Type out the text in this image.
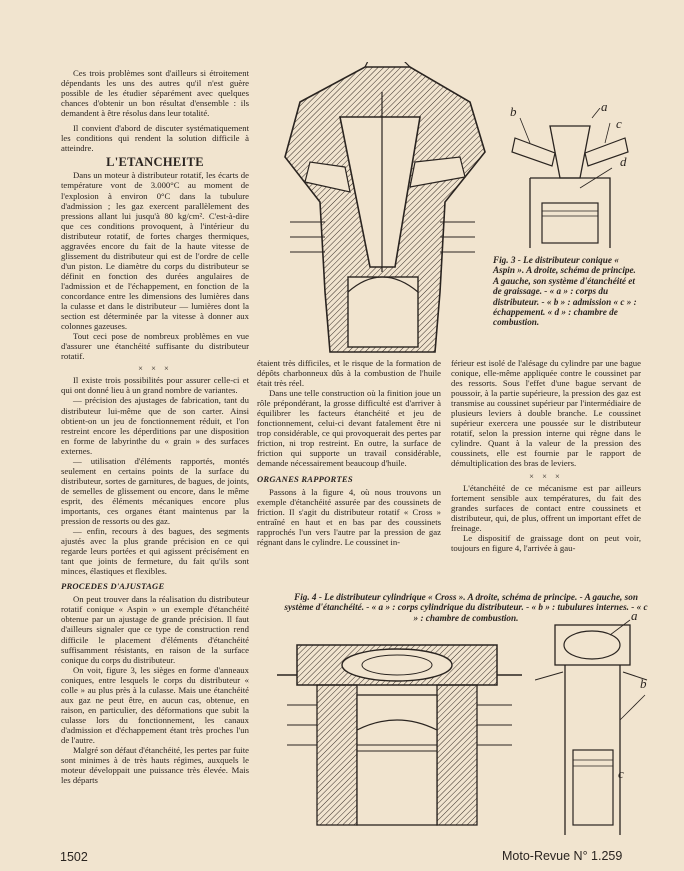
Ces trois problèmes sont d'ailleurs si étroitement dépendants les uns des autres qu'il n'est guère possible de les étudier séparément avec quelques chances d'obtenir un bon résultat d'ensemble : ils demandent à être résolus dans leur totalité.

Il convient d'abord de discuter systématiquement les conditions qui rendent la solution difficile à atteindre.

L'ETANCHEITE

Dans un moteur à distributeur rotatif, les écarts de température vont de 3.000°C au moment de l'explosion à environ 0°C dans la tubulure d'admission ; les gaz exercent parallèlement des pressions allant lui jusqu'à 80 kg/cm². C'est-à-dire que ces conditions provoquent, à l'intérieur du distributeur rotatif, de fortes charges thermiques, aggravées encore du fait de la haute vitesse de glissement du distributeur qui est de l'ordre de celle d'un piston. Le diamètre du corps du distributeur se définit en fonction des durées angulaires de l'admission et de l'échappement, en fonction de la concordance entre les dimensions des lumières dans la culasse et dans le distributeur — lumières dont la section est déterminée par la vitesse à donner aux colonnes gazeuses.

Tout ceci pose de nombreux problèmes en vue d'assurer une étanchéité suffisante du distributeur rotatif.

× × ×

Il existe trois possibilités pour assurer celle-ci et qui ont donné lieu à un grand nombre de variantes.

— précision des ajustages de fabrication, tant du distributeur lui-même que de son carter. Ainsi obtient-on un jeu de fonctionnement réduit, et l'on restreint encore les déperditions par une disposition en forme de labyrinthe du « grain » des surfaces externes.

— utilisation d'éléments rapportés, montés seulement en certains points de la surface du distributeur, sortes de garnitures, de bagues, de joints, de semelles de glissement ou encore, dans le même esprit, des éléments mécaniques encore plus importants, ces organes étant maintenus par la pression de ressorts ou des gaz.

— enfin, recours à des bagues, des segments ajustés avec la plus grande précision en ce qui regarde leurs portées et qui agissent précisément en tant que joints de fermeture, du fait qu'ils sont minces, élastiques et flexibles.

PROCEDES D'AJUSTAGE

On peut trouver dans la réalisation du distributeur rotatif conique « Aspin » un exemple d'étanchéité obtenue par un ajustage de grande précision. Il faut d'ailleurs signaler que ce type de construction rend difficile le placement d'éléments d'étanchéité suffisamment résistants, en raison de la surface conique du corps du distributeur.

On voit, figure 3, les sièges en forme d'anneaux coniques, entre lesquels le corps du distributeur « colle » au plus près à la culasse. Mais une étanchéité aux gaz ne peut être, en aucun cas, obtenue, en raison, en particulier, des déformations que subit la culasse lors du fonctionnement, les canaux d'admission et d'échappement étant très proches l'un de l'autre.

Malgré son défaut d'étanchéité, les pertes par fuite sont minimes à de très hauts régimes, auxquels le moteur développait une puissance très élevée. Mais les départs

b	a
c
d
Fig. 3 - Le distributeur conique « Aspin ». A droite, schéma de principe. A gauche, son système d'étanchéité et de graissage. - « a » : corps du distributeur. - « b » : admission « c » : échappement. « d » : chambre de combustion.

étaient très difficiles, et le risque de la formation de dépôts charbonneux dûs à la combustion de l'huile était très réel.

Dans une telle construction où la finition joue un rôle prépondérant, la grosse difficulté est d'arriver à équilibrer les facteurs étanchéité et jeu de fonctionnement, celui-ci devant fatalement être ni trop considérable, ce qui provoquerait des pertes par friction, ni trop restreint. En outre, la surface de friction qui supporte un travail considérable, demande nécessairement beaucoup d'huile.

ORGANES RAPPORTES

Passons à la figure 4, où nous trouvons un exemple d'étanchéité assurée par des coussinets de friction. Il s'agit du distributeur rotatif « Cross » entraîné en haut et en bas par des coussinets rapprochés l'un vers l'autre par la pression de gaz régnant dans le cylindre. Le coussinet in-

férieur est isolé de l'alésage du cylindre par une bague conique, elle-même appliquée contre le coussinet par des ressorts. Sous l'effet d'une bague servant de poussoir, à la partie supérieure, la pression des gaz est transmise au coussinet supérieur par l'intermédiaire de plusieurs leviers à double branche. Le coussinet supérieur exercera une poussée sur le distributeur rotatif, selon la pression interne qui règne dans le cylindre. Quant à la valeur de la pression des coussinets, elle est fournie par le rapport de démultiplication des bras de leviers.

× × ×

L'étanchéité de ce mécanisme est par ailleurs fortement sensible aux températures, du fait des grandes surfaces de contact entre coussinets et distributeur, qui, de plus, offrent un important effet de freinage.

Le dispositif de graissage dont on peut voir, toujours en figure 4, l'arrivée à gau-

Fig. 4 - Le distributeur cylindrique « Cross ». A droite, schéma de principe. - A gauche, son système d'étanchéité. - « a » : corps cylindrique du distributeur. - « b » : tubulures internes. - « c » : chambre de combustion.	a
b
c
1502	Moto-Revue N° 1.259
